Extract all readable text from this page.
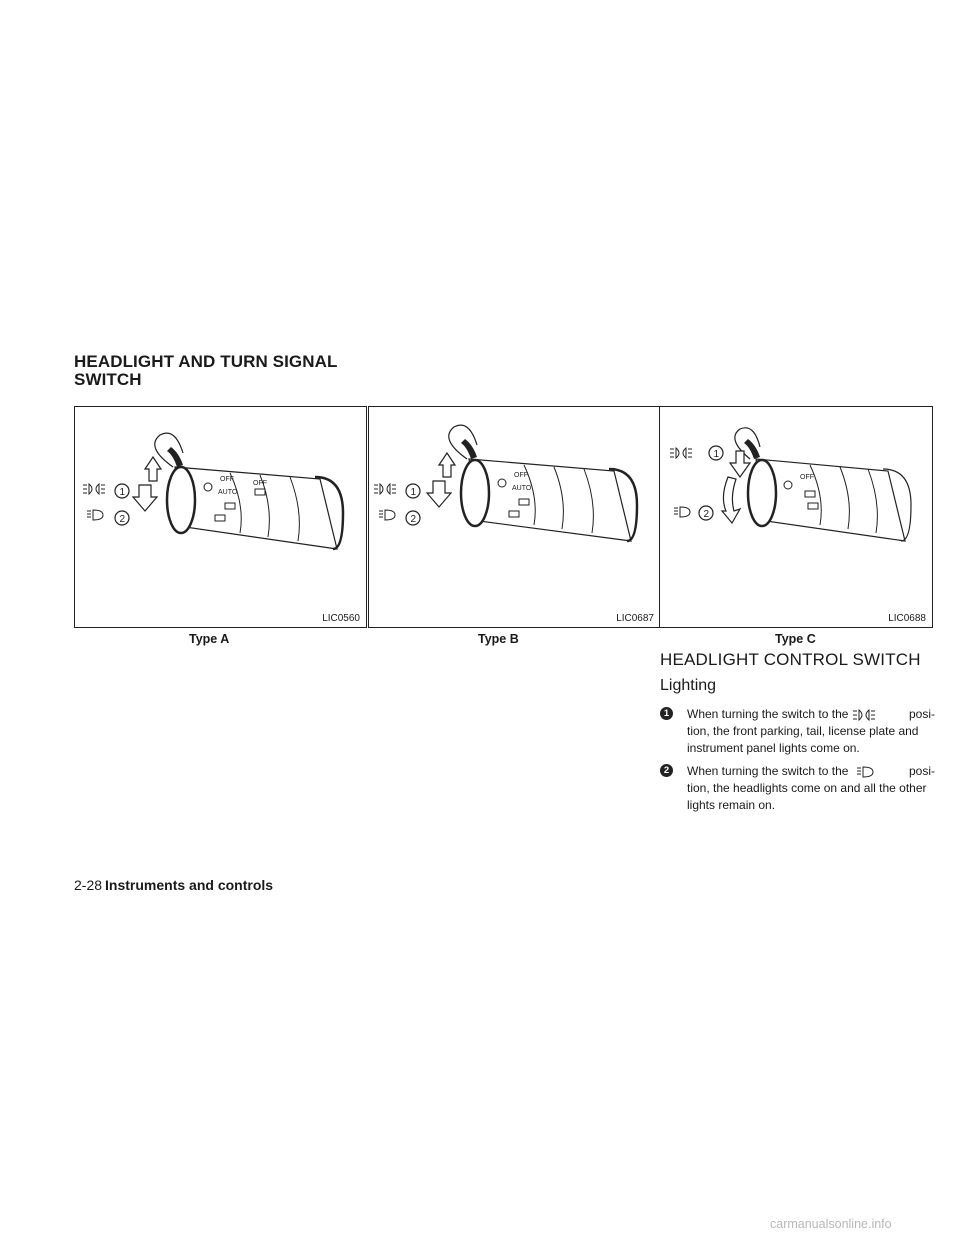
HEADLIGHT AND TURN SIGNAL
SWITCH
OFF
AUTO
OFF
1
2
LIC0560
Type A
OFF
AUTO
1
2
LIC0687
Type B
OFF
1
2
LIC0688
Type C
HEADLIGHT CONTROL SWITCH
Lighting
1	When turning the switch to the	posi-
tion, the front parking, tail, license plate and instrument panel lights come on.
2	When turning the switch to the	posi-
tion, the headlights come on and all the other lights remain on.
2-28 Instruments and controls
carmanualsonline.info
